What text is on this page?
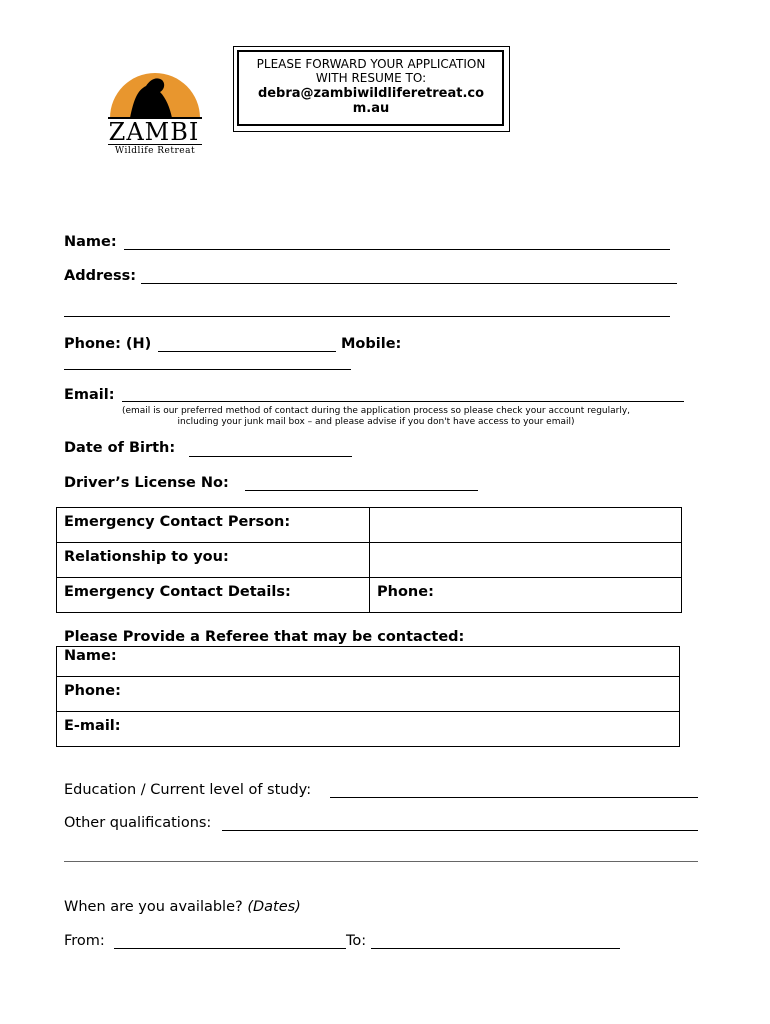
ZAMBI
Wildlife Retreat
PLEASE FORWARD YOUR APPLICATION
WITH RESUME TO:
debra@zambiwildliferetreat.co
m.au
Name:
Address:
Phone: (H)	Mobile:
Email:
(email is our preferred method of contact during the application process so please check your account regularly,
including your junk mail box – and please advise if you don't have access to your email)
Date of Birth:
Driver’s License No:
Emergency Contact Person:	
Relationship to you:	
Emergency Contact Details:	Phone:
Please Provide a Referee that may be contacted:
Name:
Phone:
E-mail:
Education / Current level of study:
Other qualifications:
When are you available? (Dates)
From:	To:
